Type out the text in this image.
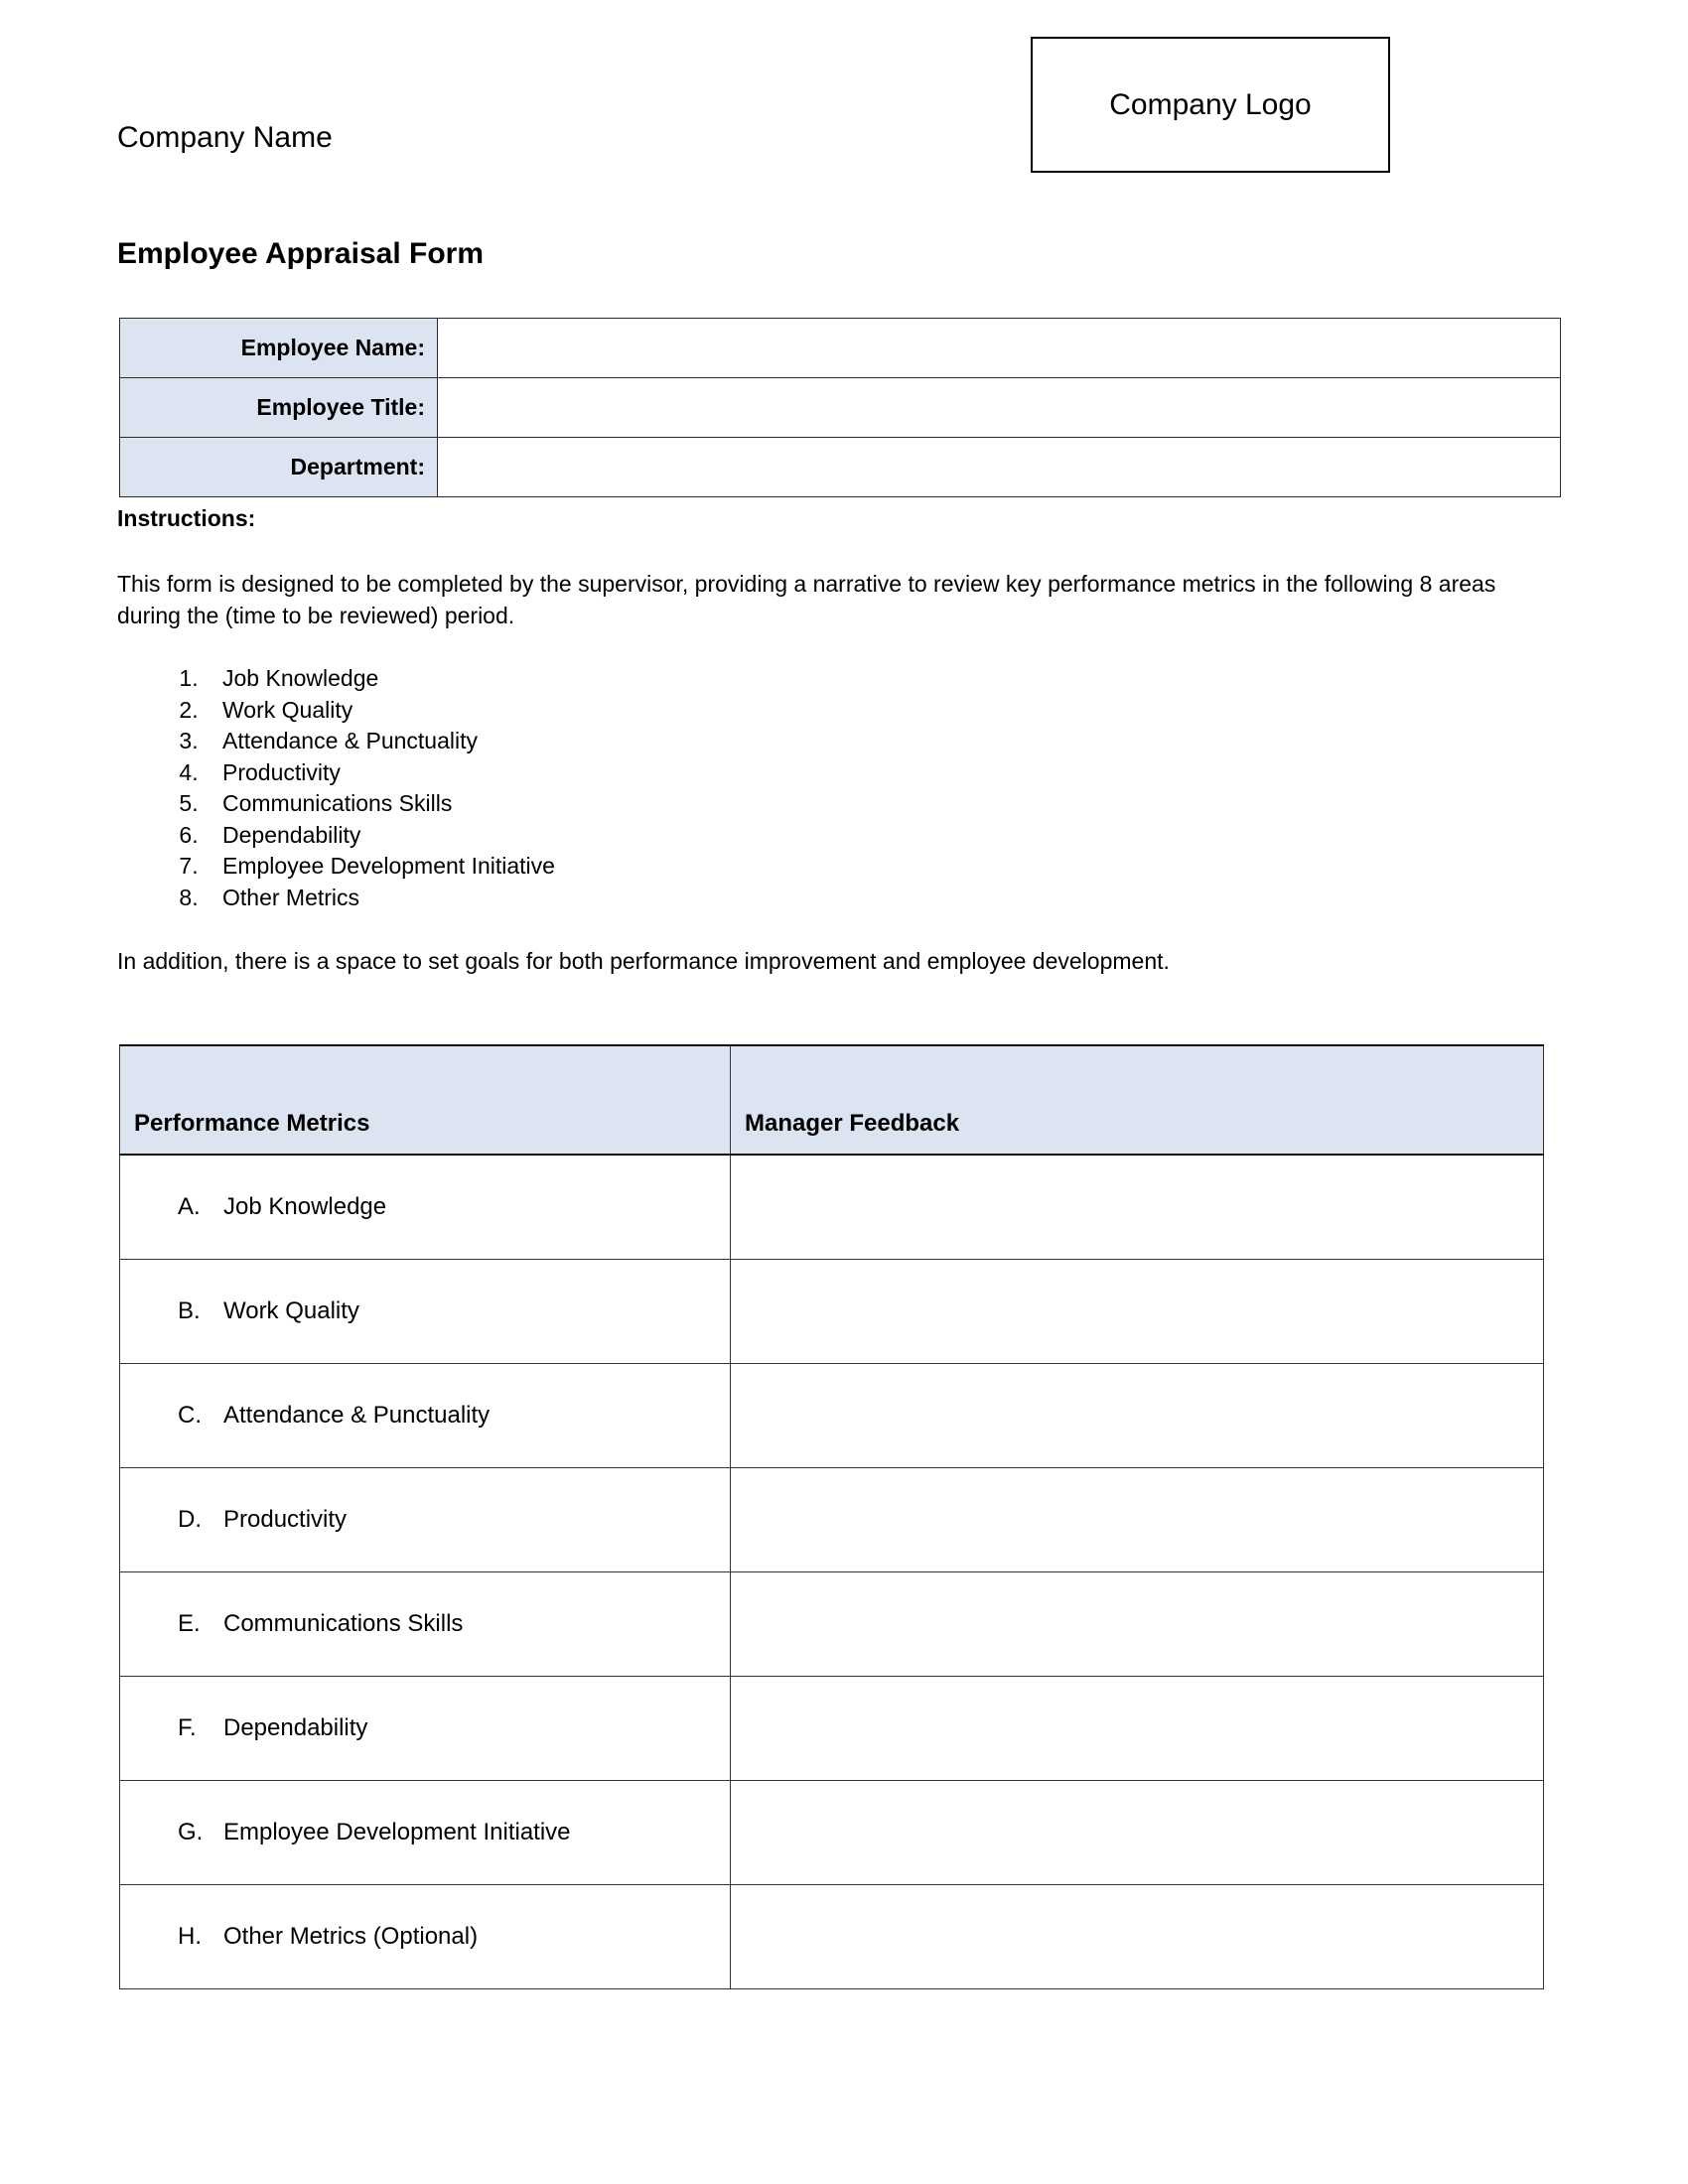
Company Name
Company Logo
Employee Appraisal Form
Employee Name:	
Employee Title:	
Department:	
Instructions:
This form is designed to be completed by the supervisor, providing a narrative to review key performance metrics in the following 8 areas during the (time to be reviewed) period.
1. Job Knowledge
2. Work Quality
3. Attendance & Punctuality
4. Productivity
5. Communications Skills
6. Dependability
7. Employee Development Initiative
8. Other Metrics
In addition, there is a space to set goals for both performance improvement and employee development.
Performance Metrics	Manager Feedback
A. Job Knowledge	
B. Work Quality	
C. Attendance & Punctuality	
D. Productivity	
E. Communications Skills	
F. Dependability	
G. Employee Development Initiative	
H. Other Metrics (Optional)	
